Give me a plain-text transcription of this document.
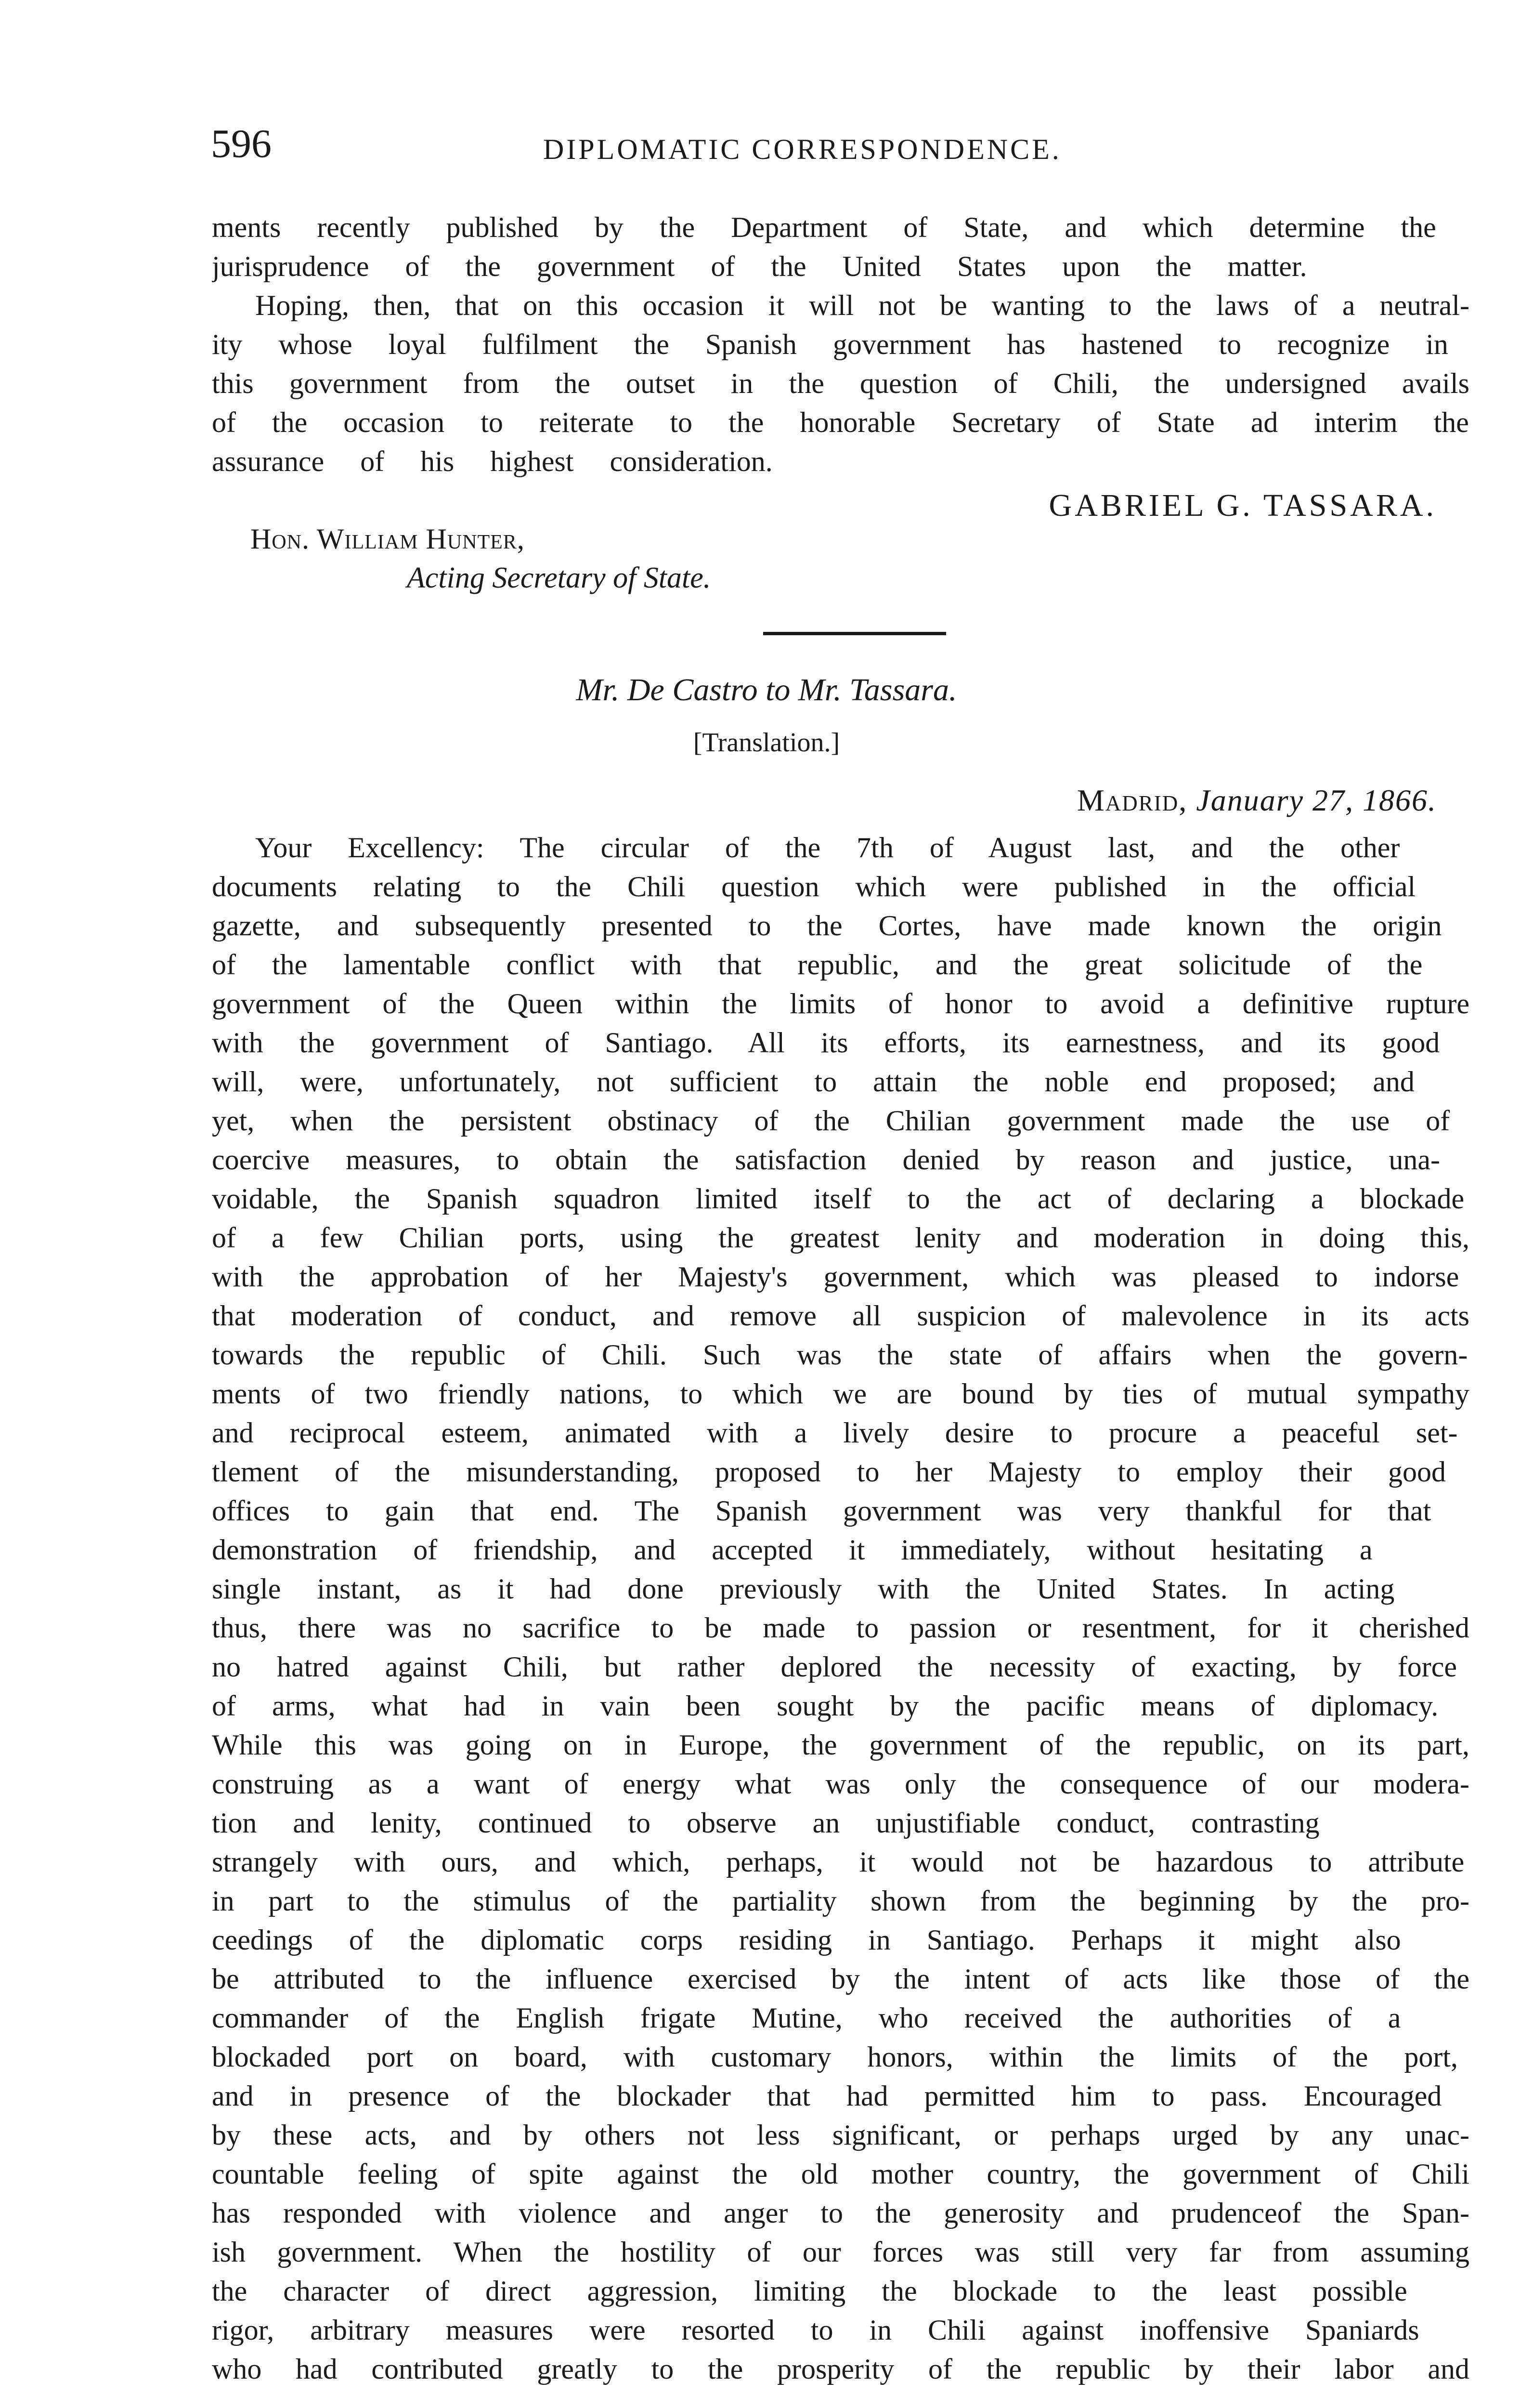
596	DIPLOMATIC CORRESPONDENCE.
ments recently published by the Department of State, and which determine the
jurisprudence of the government of the United States upon the matter.
Hoping, then, that on this occasion it will not be wanting to the laws of a neutral-
ity whose loyal fulfilment the Spanish government has hastened to recognize in
this government from the outset in the question of Chili, the undersigned avails
of the occasion to reiterate to the honorable Secretary of State ad interim the
assurance of his highest consideration.
GABRIEL G. TASSARA.
Hon. William Hunter,
Acting Secretary of State.
Mr. De Castro to Mr. Tassara.
[Translation.]
Madrid, January 27, 1866.
Your Excellency: The circular of the 7th of August last, and the other
documents relating to the Chili question which were published in the official
gazette, and subsequently presented to the Cortes, have made known the origin
of the lamentable conflict with that republic, and the great solicitude of the
government of the Queen within the limits of honor to avoid a definitive rupture
with the government of Santiago. All its efforts, its earnestness, and its good
will, were, unfortunately, not sufficient to attain the noble end proposed; and
yet, when the persistent obstinacy of the Chilian government made the use of
coercive measures, to obtain the satisfaction denied by reason and justice, una-
voidable, the Spanish squadron limited itself to the act of declaring a blockade
of a few Chilian ports, using the greatest lenity and moderation in doing this,
with the approbation of her Majesty's government, which was pleased to indorse
that moderation of conduct, and remove all suspicion of malevolence in its acts
towards the republic of Chili. Such was the state of affairs when the govern-
ments of two friendly nations, to which we are bound by ties of mutual sympathy
and reciprocal esteem, animated with a lively desire to procure a peaceful set-
tlement of the misunderstanding, proposed to her Majesty to employ their good
offices to gain that end. The Spanish government was very thankful for that
demonstration of friendship, and accepted it immediately, without hesitating a
single instant, as it had done previously with the United States. In acting
thus, there was no sacrifice to be made to passion or resentment, for it cherished
no hatred against Chili, but rather deplored the necessity of exacting, by force
of arms, what had in vain been sought by the pacific means of diplomacy.
While this was going on in Europe, the government of the republic, on its part,
construing as a want of energy what was only the consequence of our modera-
tion and lenity, continued to observe an unjustifiable conduct, contrasting
strangely with ours, and which, perhaps, it would not be hazardous to attribute
in part to the stimulus of the partiality shown from the beginning by the pro-
ceedings of the diplomatic corps residing in Santiago. Perhaps it might also
be attributed to the influence exercised by the intent of acts like those of the
commander of the English frigate Mutine, who received the authorities of a
blockaded port on board, with customary honors, within the limits of the port,
and in presence of the blockader that had permitted him to pass. Encouraged
by these acts, and by others not less significant, or perhaps urged by any unac-
countable feeling of spite against the old mother country, the government of Chili
has responded with violence and anger to the generosity and prudenceof the Span-
ish government. When the hostility of our forces was still very far from assuming
the character of direct aggression, limiting the blockade to the least possible
rigor, arbitrary measures were resorted to in Chili against inoffensive Spaniards
who had contributed greatly to the prosperity of the republic by their labor and
